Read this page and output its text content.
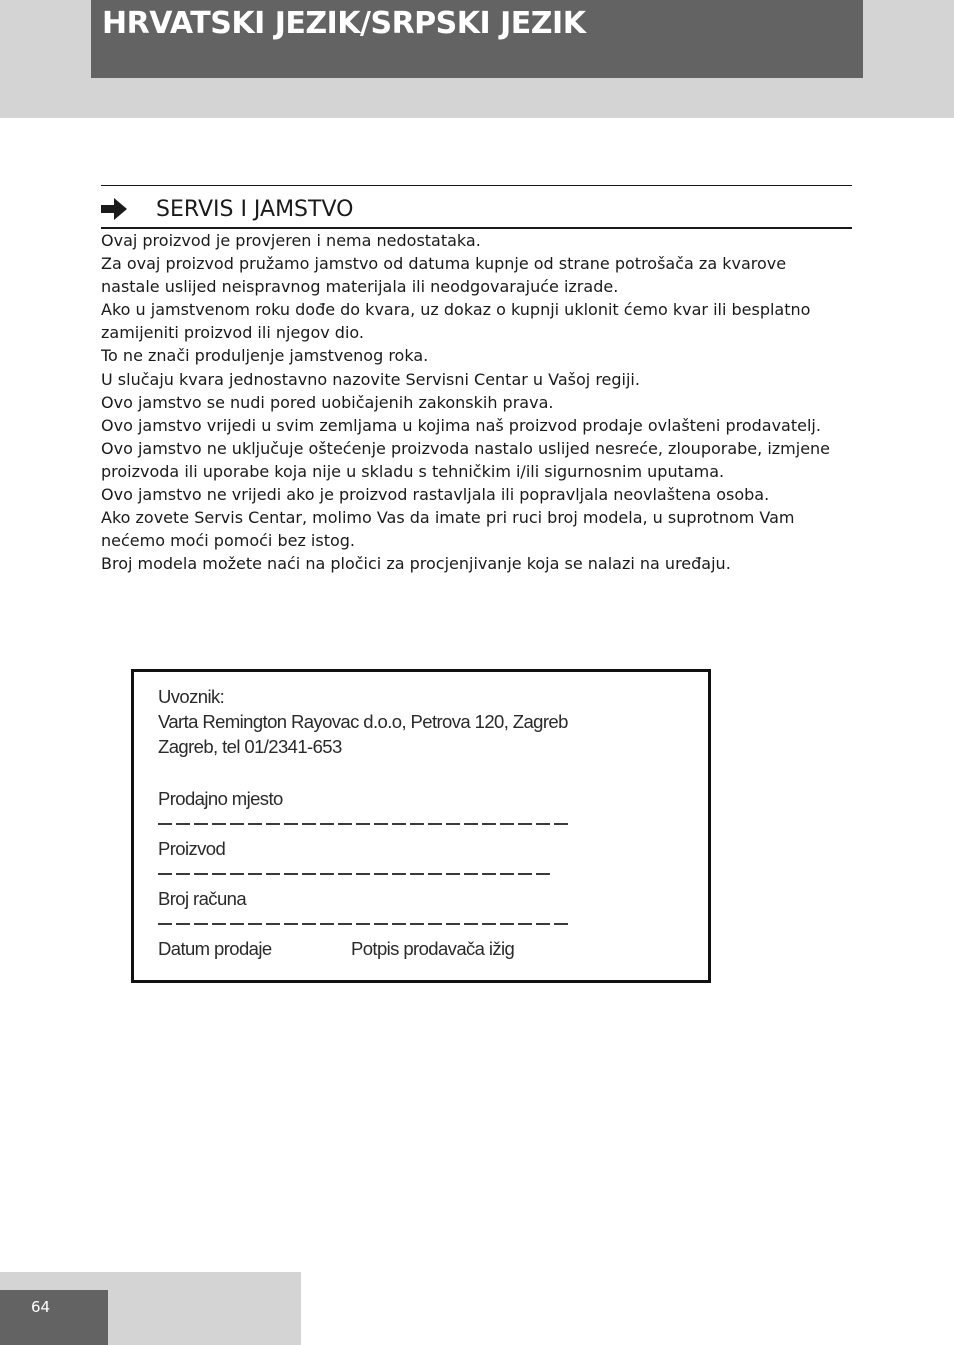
HRVATSKI JEZIK/SRPSKI JEZIK
SERVIS I JAMSTVO

Ovaj proizvod je provjeren i nema nedostataka.

Za ovaj proizvod pružamo jamstvo od datuma kupnje od strane potrošača za kvarove

nastale uslijed neispravnog materijala ili neodgovarajuće izrade.

Ako u jamstvenom roku dođe do kvara, uz dokaz o kupnji uklonit ćemo kvar ili besplatno

zamijeniti proizvod ili njegov dio.

To ne znači produljenje jamstvenog roka.

U slučaju kvara jednostavno nazovite Servisni Centar u Vašoj regiji.

Ovo jamstvo se nudi pored uobičajenih zakonskih prava.

Ovo jamstvo vrijedi u svim zemljama u kojima naš proizvod prodaje ovlašteni prodavatelj.

Ovo jamstvo ne uključuje oštećenje proizvoda nastalo uslijed nesreće, zlouporabe, izmjene

proizvoda ili uporabe koja nije u skladu s tehničkim i/ili sigurnosnim uputama.

Ovo jamstvo ne vrijedi ako je proizvod rastavljala ili popravljala neovlaštena osoba.

Ako zovete Servis Centar, molimo Vas da imate pri ruci broj modela, u suprotnom Vam

nećemo moći pomoći bez istog.

Broj modela možete naći na pločici za procjenjivanje koja se nalazi na uređaju.

Uvoznik:
Varta Remington Rayovac d.o.o, Petrova 120, Zagreb
Zagreb, tel 01/2341-653
Prodajno mjesto
Proizvod
Broj računa
Datum prodaje	Potpis prodavača ižig
64
